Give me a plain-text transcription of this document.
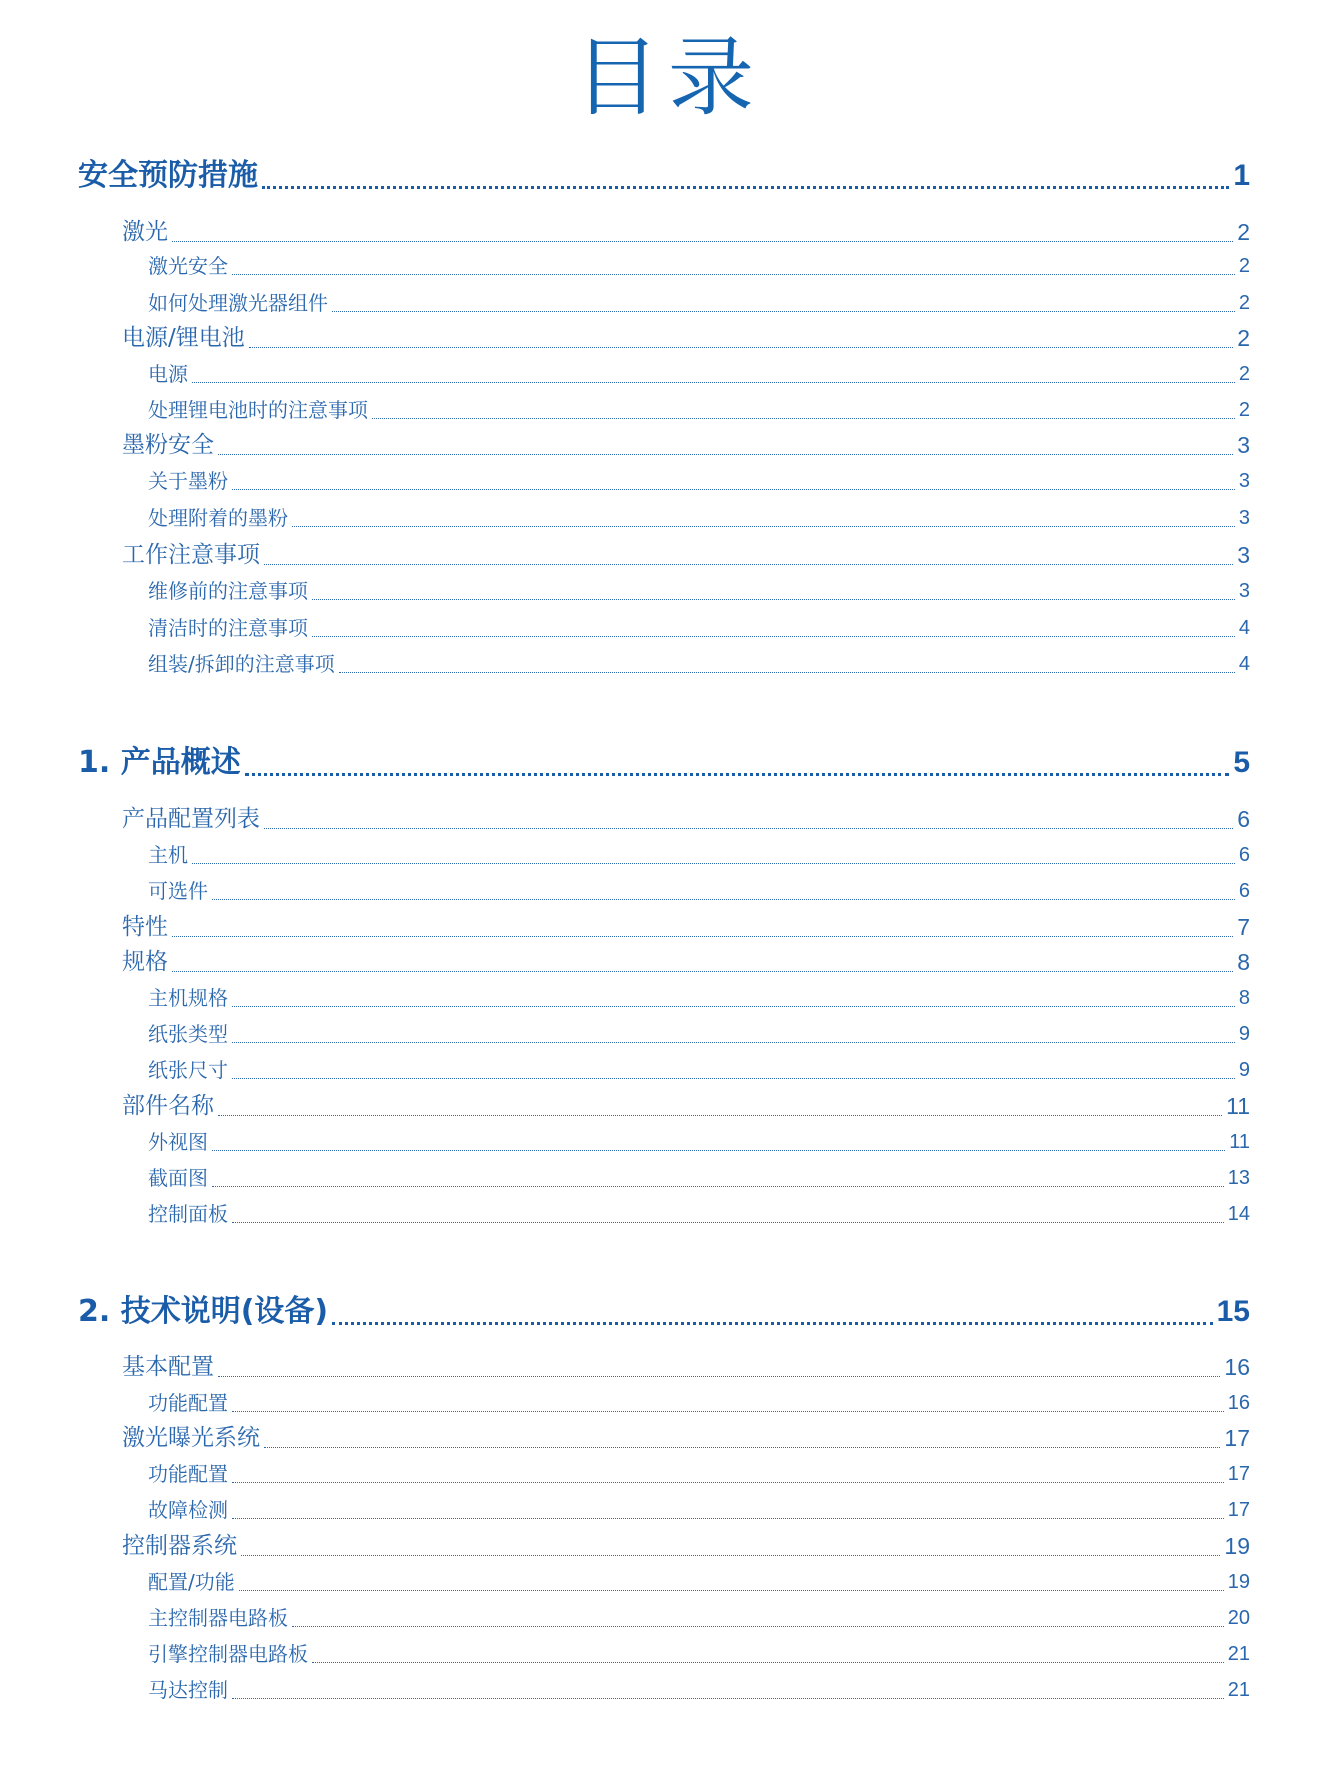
目录
安全预防措施	1
激光	2
激光安全	2
如何处理激光器组件	2
电源/锂电池	2
电源	2
处理锂电池时的注意事项	2
墨粉安全	3
关于墨粉	3
处理附着的墨粉	3
工作注意事项	3
维修前的注意事项	3
清洁时的注意事项	4
组装/拆卸的注意事项	4
1. 产品概述	5
产品配置列表	6
主机	6
可选件	6
特性	7
规格	8
主机规格	8
纸张类型	9
纸张尺寸	9
部件名称	11
外视图	11
截面图	13
控制面板	14
2. 技术说明(设备)	15
基本配置	16
功能配置	16
激光曝光系统	17
功能配置	17
故障检测	17
控制器系统	19
配置/功能	19
主控制器电路板	20
引擎控制器电路板	21
马达控制	21
